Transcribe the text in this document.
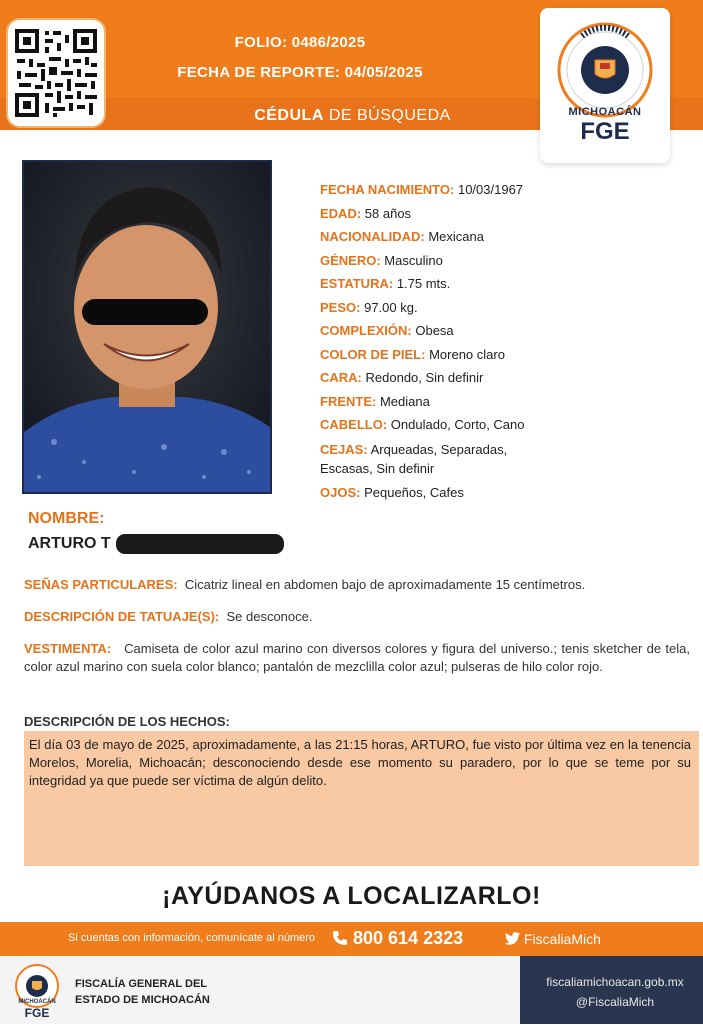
FOLIO: 0486/2025
FECHA DE REPORTE: 04/05/2025
CÉDULA DE BÚSQUEDA	MICHOACÁN
FGE
FECHA NACIMIENTO: 10/03/1967
EDAD: 58 años
NACIONALIDAD: Mexicana
GÉNERO: Masculino
ESTATURA: 1.75 mts.
PESO: 97.00 kg.
COMPLEXIÓN: Obesa
COLOR DE PIEL: Moreno claro
CARA: Redondo, Sin definir
FRENTE: Mediana
CABELLO: Ondulado, Corto, Cano
CEJAS: Arqueadas, Separadas, Escasas, Sin definir
OJOS: Pequeños, Cafes
NOMBRE:
ARTURO T
SEÑAS PARTICULARES: Cicatriz lineal en abdomen bajo de aproximadamente 15 centímetros.
DESCRIPCIÓN DE TATUAJE(S): Se desconoce.
VESTIMENTA: Camiseta de color azul marino con diversos colores y figura del universo.; tenis sketcher de tela, color azul marino con suela color blanco; pantalón de mezclilla color azul; pulseras de hilo color rojo.
DESCRIPCIÓN DE LOS HECHOS:
El día 03 de mayo de 2025, aproximadamente, a las 21:15 horas, ARTURO, fue visto por última vez en la tenencia Morelos, Morelia, Michoacán; desconociendo desde ese momento su paradero, por lo que se teme por su integridad ya que puede ser víctima de algún delito.
¡AYÚDANOS A LOCALIZARLO!
Si cuentas con información, comunícate al número	800 614 2323	FiscaliaMich
MICHOACÁN
FGE
FISCALÍA GENERAL DEL
ESTADO DE MICHOACÁN
fiscaliamichoacan.gob.mx
@FiscaliaMich
